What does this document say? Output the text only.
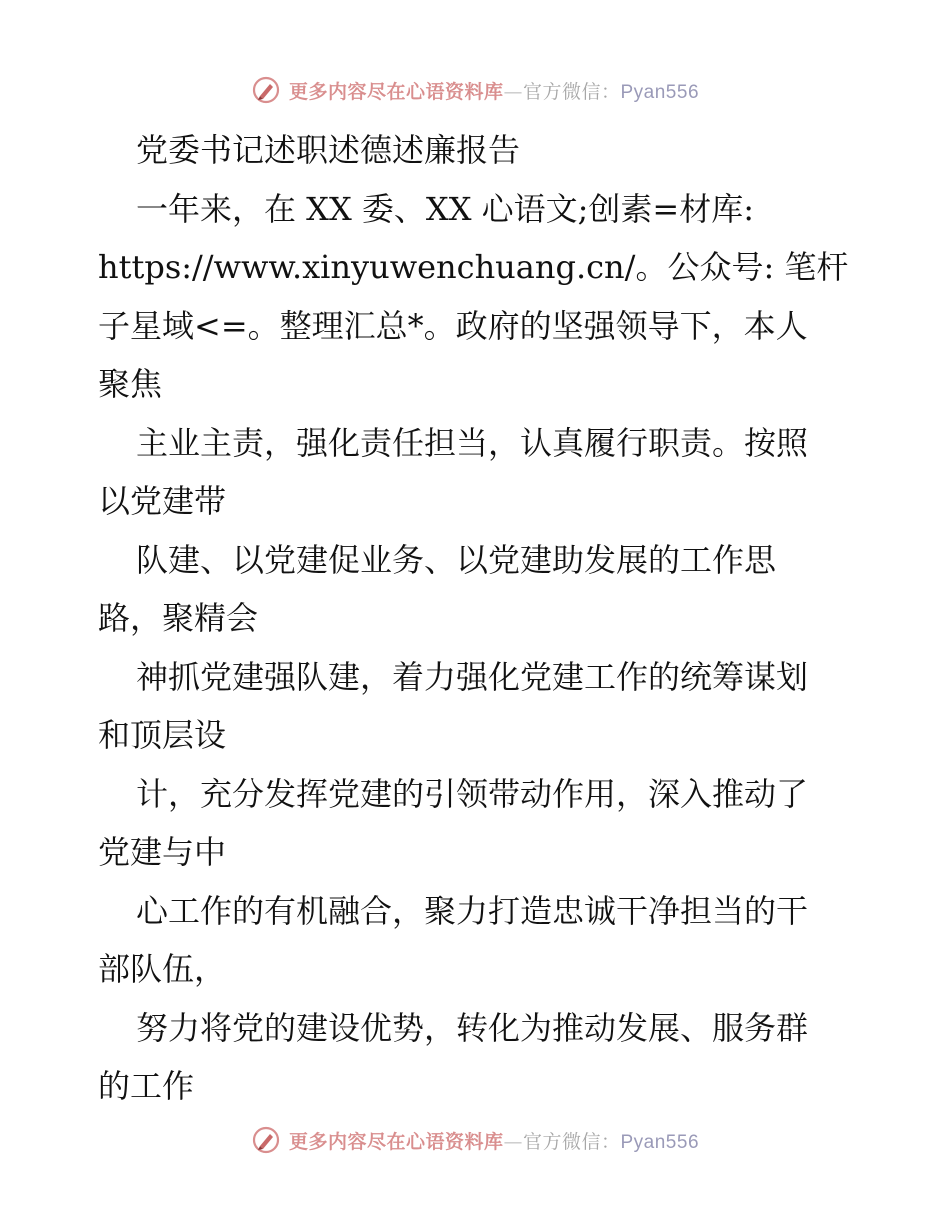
更多内容尽在心语资料库—官方微信：Pyan556
党委书记述职述德述廉报告
一年来，在 XX 委、XX 心语文;创素=材库:
https://www.xinyuwenchuang.cn/。公众号: 笔杆
子星域<=。整理汇总*。政府的坚强领导下，本人
聚焦
主业主责，强化责任担当，认真履行职责。按照
以党建带
队建、以党建促业务、以党建助发展的工作思
路，聚精会
神抓党建强队建，着力强化党建工作的统筹谋划
和顶层设
计，充分发挥党建的引领带动作用，深入推动了
党建与中
心工作的有机融合，聚力打造忠诚干净担当的干
部队伍，
努力将党的建设优势，转化为推动发展、服务群
的工作
更多内容尽在心语资料库—官方微信：Pyan556
